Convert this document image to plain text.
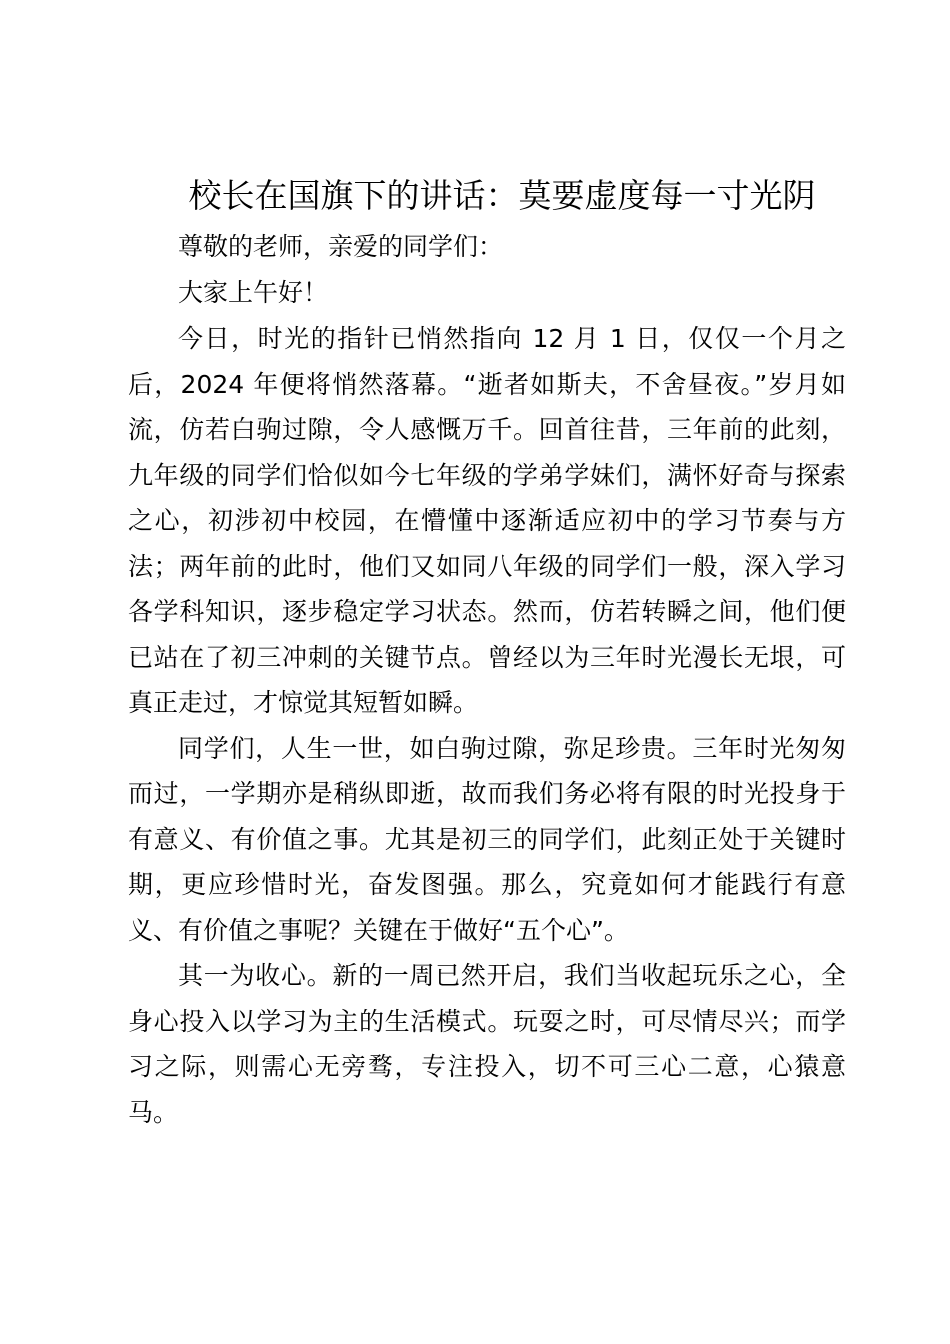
校长在国旗下的讲话：莫要虚度每一寸光阴

尊敬的老师，亲爱的同学们：

大家上午好！

今日，时光的指针已悄然指向 12 月 1 日，仅仅一个月之后，2024 年便将悄然落幕。“逝者如斯夫，不舍昼夜。”岁月如流，仿若白驹过隙，令人感慨万千。回首往昔，三年前的此刻，九年级的同学们恰似如今七年级的学弟学妹们，满怀好奇与探索之心，初涉初中校园，在懵懂中逐渐适应初中的学习节奏与方法；两年前的此时，他们又如同八年级的同学们一般，深入学习各学科知识，逐步稳定学习状态。然而，仿若转瞬之间，他们便已站在了初三冲刺的关键节点。曾经以为三年时光漫长无垠，可真正走过，才惊觉其短暂如瞬。

同学们，人生一世，如白驹过隙，弥足珍贵。三年时光匆匆而过，一学期亦是稍纵即逝，故而我们务必将有限的时光投身于有意义、有价值之事。尤其是初三的同学们，此刻正处于关键时期，更应珍惜时光，奋发图强。那么，究竟如何才能践行有意义、有价值之事呢？关键在于做好“五个心”。

其一为收心。新的一周已然开启，我们当收起玩乐之心，全身心投入以学习为主的生活模式。玩耍之时，可尽情尽兴；而学习之际，则需心无旁骛，专注投入，切不可三心二意，心猿意马。
